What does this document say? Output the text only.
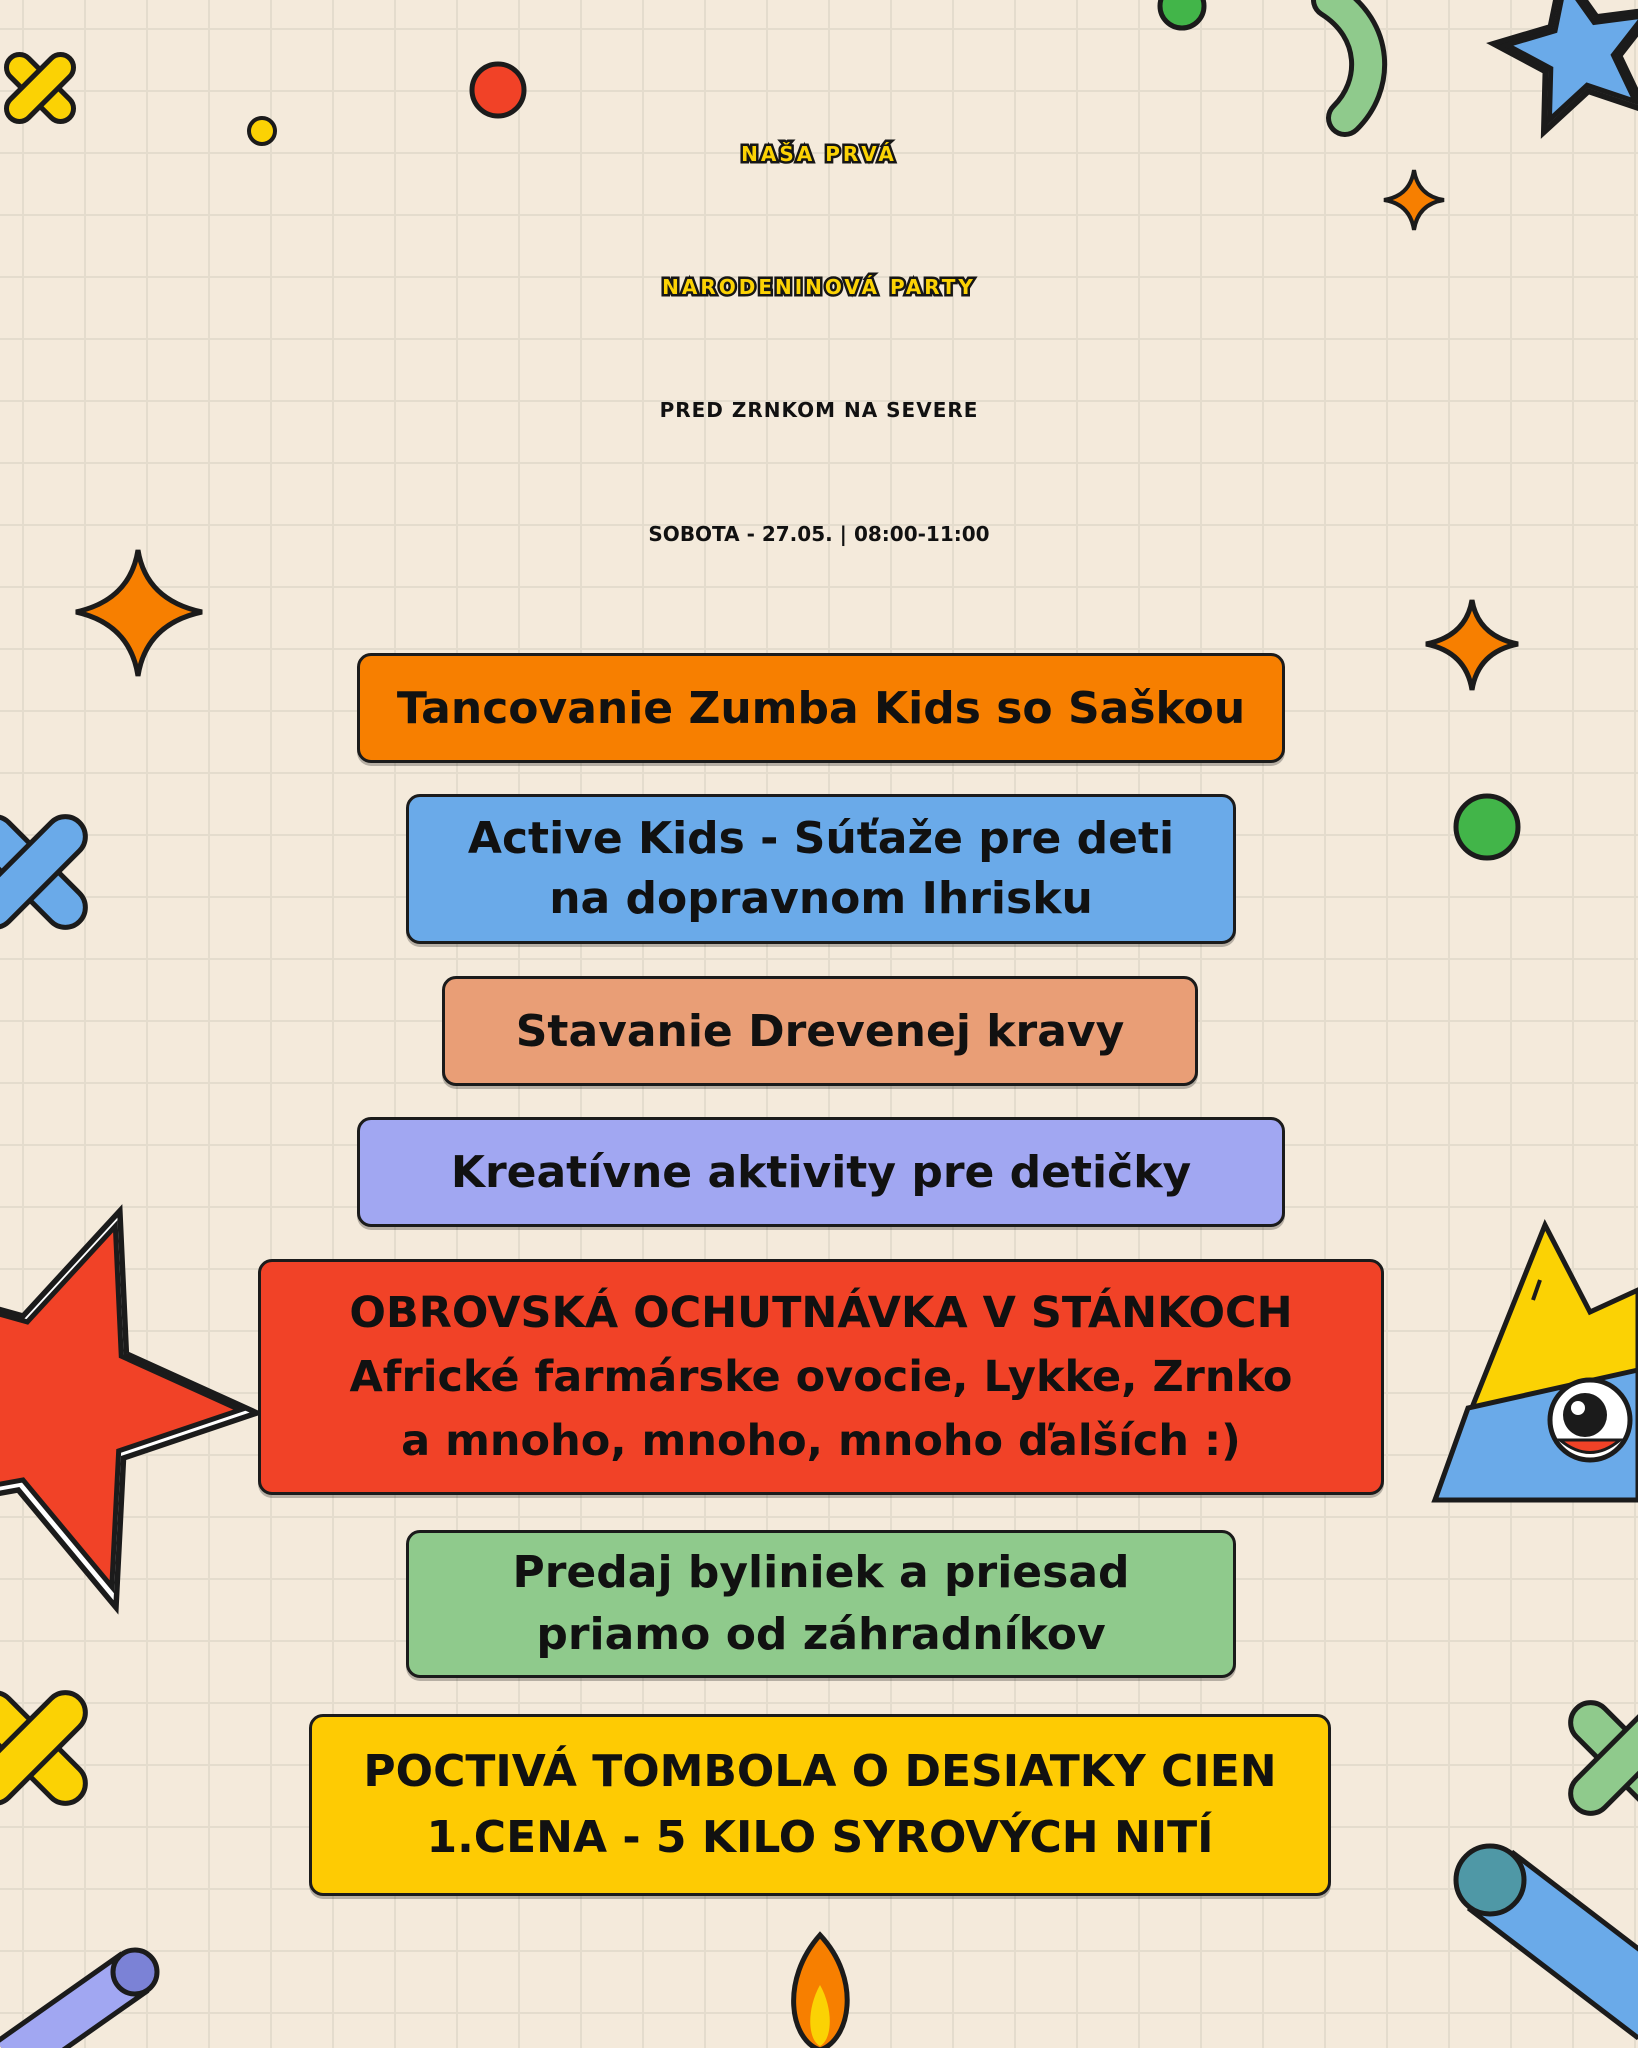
NAŠA PRVÁ
NARODENINOVÁ PARTY
PRED ZRNKOM NA SEVERE
SOBOTA - 27.05. | 08:00-11:00

Tancovanie Zumba Kids so Saškou

Active Kids - Súťaže pre deti
na dopravnom Ihrisku

Stavanie Drevenej kravy

Kreatívne aktivity pre detičky

OBROVSKÁ OCHUTNÁVKA V STÁNKOCH
Africké farmárske ovocie, Lykke, Zrnko
a mnoho, mnoho, mnoho ďalších :)

Predaj byliniek a priesad
priamo od záhradníkov

POCTIVÁ TOMBOLA O DESIATKY CIEN
1.CENA - 5 KILO SYROVÝCH NITÍ
